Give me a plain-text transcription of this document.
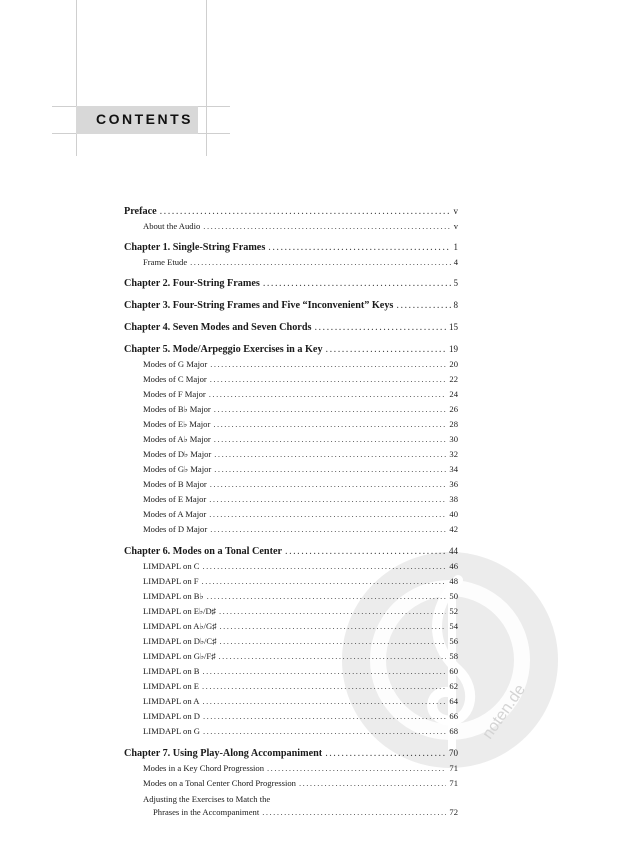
CONTENTS
noten.de
Preface .....	v
About the Audio .....	v
Chapter 1. Single-String Frames .....	1
Frame Etude .....	4
Chapter 2. Four-String Frames .....	5
Chapter 3. Four-String Frames and Five “Inconvenient” Keys .....	8
Chapter 4. Seven Modes and Seven Chords .....	15
Chapter 5. Mode/Arpeggio Exercises in a Key .....	19
Modes of G Major .....	20
Modes of C Major .....	22
Modes of F Major .....	24
Modes of B♭ Major .....	26
Modes of E♭ Major .....	28
Modes of A♭ Major .....	30
Modes of D♭ Major .....	32
Modes of G♭ Major .....	34
Modes of B Major .....	36
Modes of E Major .....	38
Modes of A Major .....	40
Modes of D Major .....	42
Chapter 6. Modes on a Tonal Center .....	44
LIMDAPL on C .....	46
LIMDAPL on F .....	48
LIMDAPL on B♭ .....	50
LIMDAPL on E♭/D♯ .....	52
LIMDAPL on A♭/G♯ .....	54
LIMDAPL on D♭/C♯ .....	56
LIMDAPL on G♭/F♯ .....	58
LIMDAPL on B .....	60
LIMDAPL on E .....	62
LIMDAPL on A .....	64
LIMDAPL on D .....	66
LIMDAPL on G .....	68
Chapter 7. Using Play-Along Accompaniment .....	70
Modes in a Key Chord Progression .....	71
Modes on a Tonal Center Chord Progression .....	71
Adjusting the Exercises to Match the
Phrases in the Accompaniment .....	72
